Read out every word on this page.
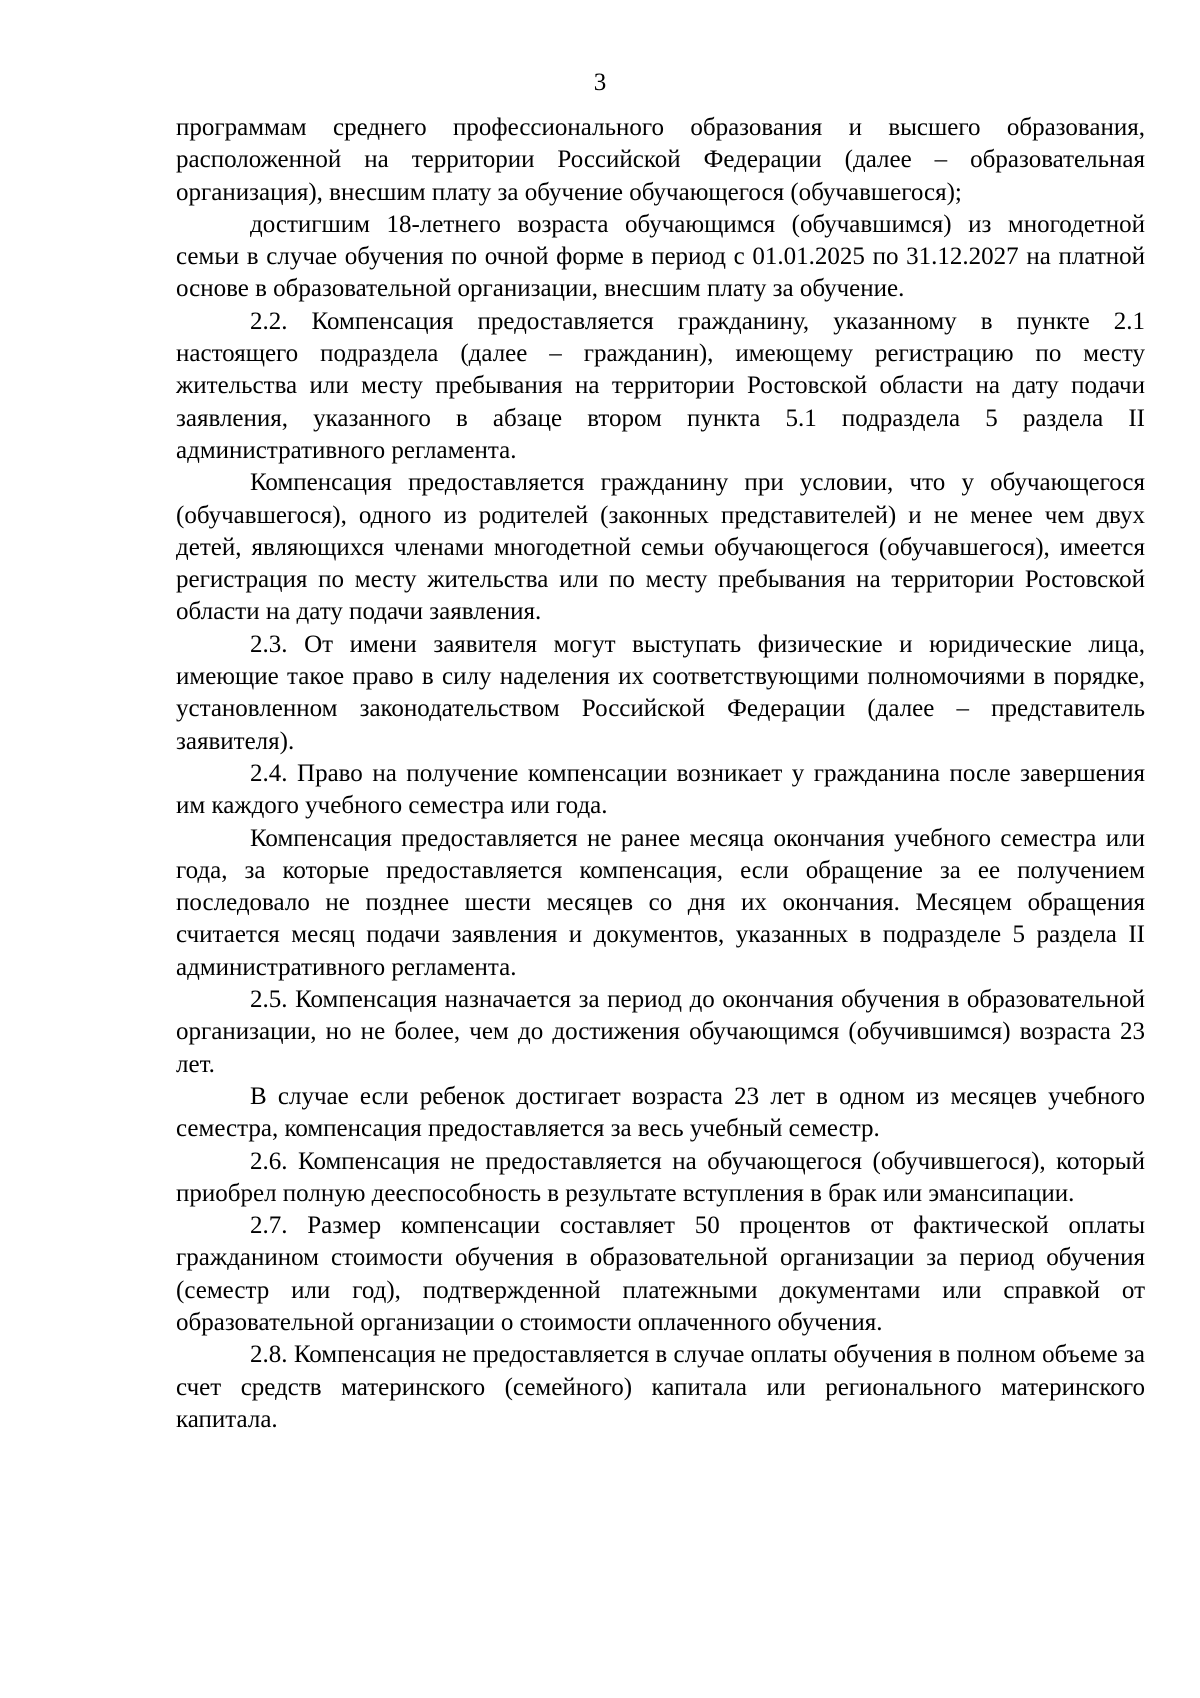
3

программам среднего профессионального образования и высшего образования, расположенной на территории Российской Федерации (далее – образовательная организация), внесшим плату за обучение обучающегося (обучавшегося);

достигшим 18-летнего возраста обучающимся (обучавшимся) из многодетной семьи в случае обучения по очной форме в период с 01.01.2025 по 31.12.2027 на платной основе в образовательной организации, внесшим плату за обучение.

2.2. Компенсация предоставляется гражданину, указанному в пункте 2.1 настоящего подраздела (далее – гражданин), имеющему регистрацию по месту жительства или месту пребывания на территории Ростовской области на дату подачи заявления, указанного в абзаце втором пункта 5.1 подраздела 5 раздела II административного регламента.

Компенсация предоставляется гражданину при условии, что у обучающегося (обучавшегося), одного из родителей (законных представителей) и не менее чем двух детей, являющихся членами многодетной семьи обучающегося (обучавшегося), имеется регистрация по месту жительства или по месту пребывания на территории Ростовской области на дату подачи заявления.

2.3. От имени заявителя могут выступать физические и юридические лица, имеющие такое право в силу наделения их соответствующими полномочиями в порядке, установленном законодательством Российской Федерации (далее – представитель заявителя).

2.4. Право на получение компенсации возникает у гражданина после завершения им каждого учебного семестра или года.

Компенсация предоставляется не ранее месяца окончания учебного семестра или года, за которые предоставляется компенсация, если обращение за ее получением последовало не позднее шести месяцев со дня их окончания. Месяцем обращения считается месяц подачи заявления и документов, указанных в подразделе 5 раздела II административного регламента.

2.5. Компенсация назначается за период до окончания обучения в образовательной организации, но не более, чем до достижения обучающимся (обучившимся) возраста 23 лет.

В случае если ребенок достигает возраста 23 лет в одном из месяцев учебного семестра, компенсация предоставляется за весь учебный семестр.

2.6. Компенсация не предоставляется на обучающегося (обучившегося), который приобрел полную дееспособность в результате вступления в брак или эмансипации.

2.7. Размер компенсации составляет 50 процентов от фактической оплаты гражданином стоимости обучения в образовательной организации за период обучения (семестр или год), подтвержденной платежными документами или справкой от образовательной организации о стоимости оплаченного обучения.

2.8. Компенсация не предоставляется в случае оплаты обучения в полном объеме за счет средств материнского (семейного) капитала или регионального материнского капитала.
